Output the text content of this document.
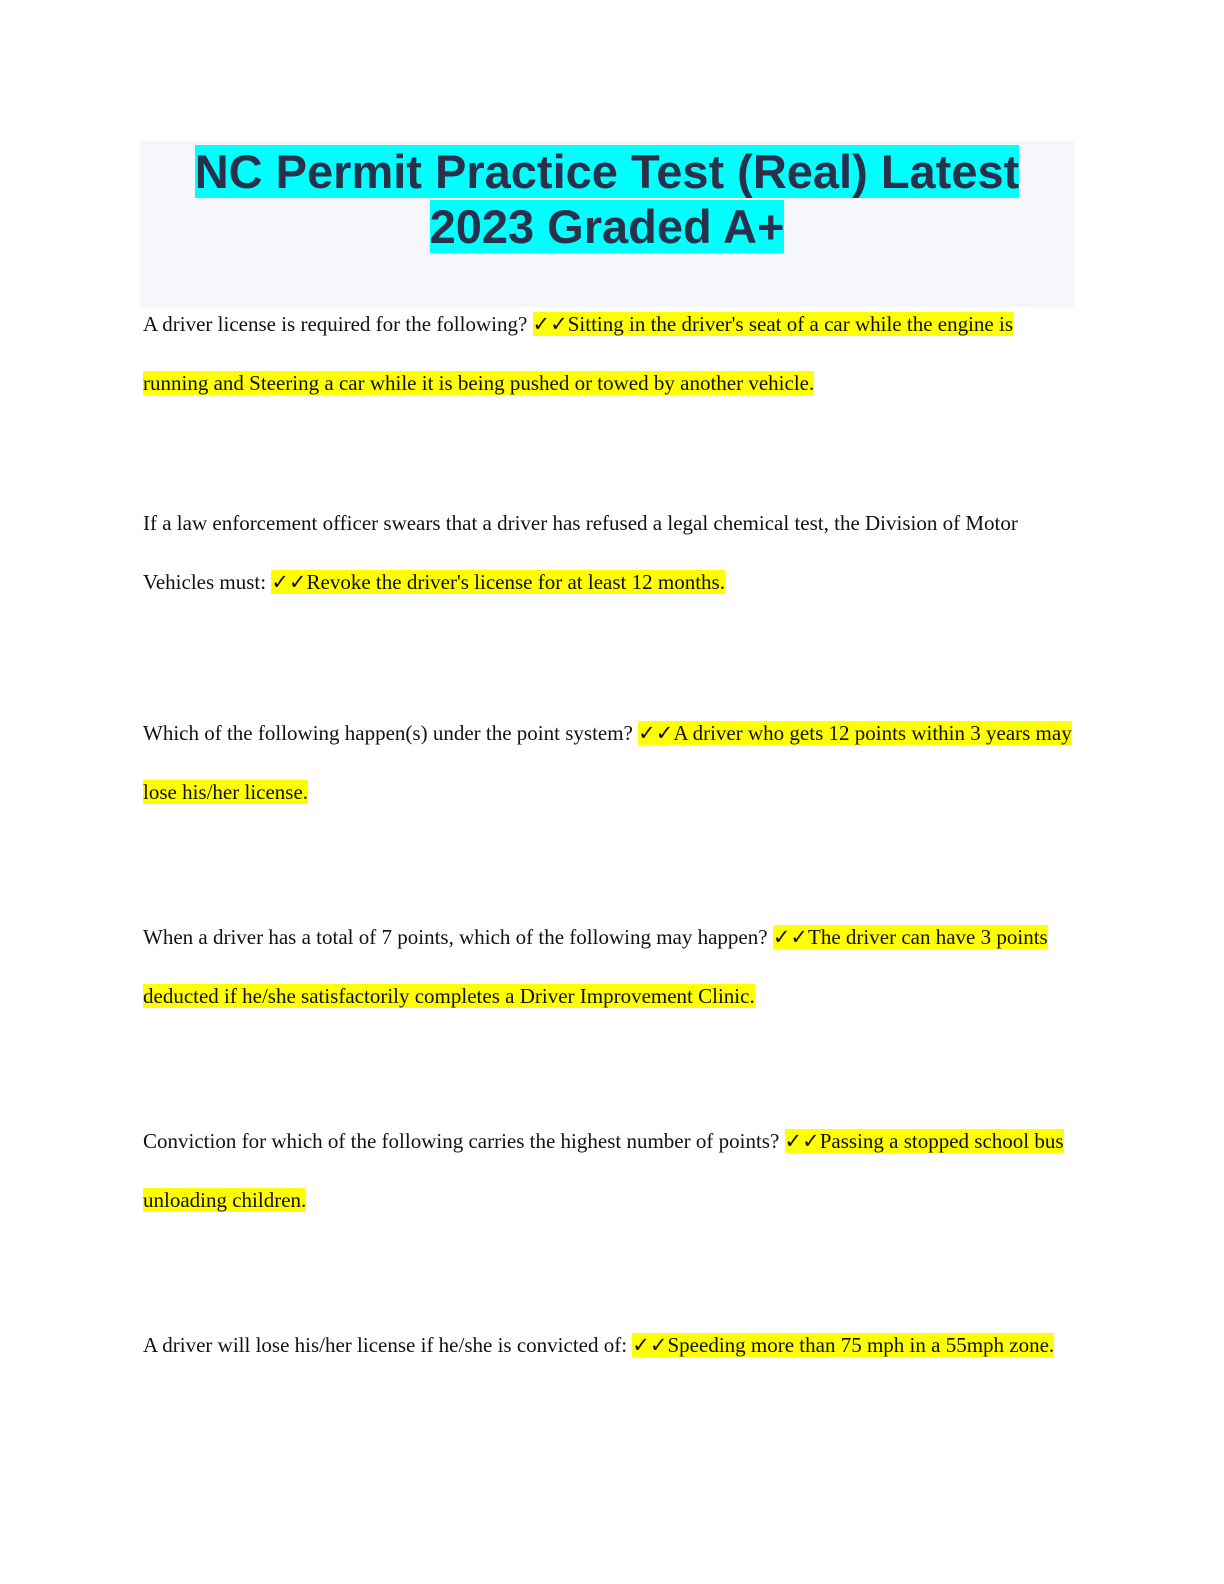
NC Permit Practice Test (Real) Latest
2023 Graded A+

A driver license is required for the following? ✓✓Sitting in the driver's seat of a car while the engine is running and Steering a car while it is being pushed or towed by another vehicle.

If a law enforcement officer swears that a driver has refused a legal chemical test, the Division of Motor Vehicles must: ✓✓Revoke the driver's license for at least 12 months.

Which of the following happen(s) under the point system? ✓✓A driver who gets 12 points within 3 years may lose his/her license.

When a driver has a total of 7 points, which of the following may happen? ✓✓The driver can have 3 points deducted if he/she satisfactorily completes a Driver Improvement Clinic.

Conviction for which of the following carries the highest number of points? ✓✓Passing a stopped school bus unloading children.

A driver will lose his/her license if he/she is convicted of: ✓✓Speeding more than 75 mph in a 55mph zone.
